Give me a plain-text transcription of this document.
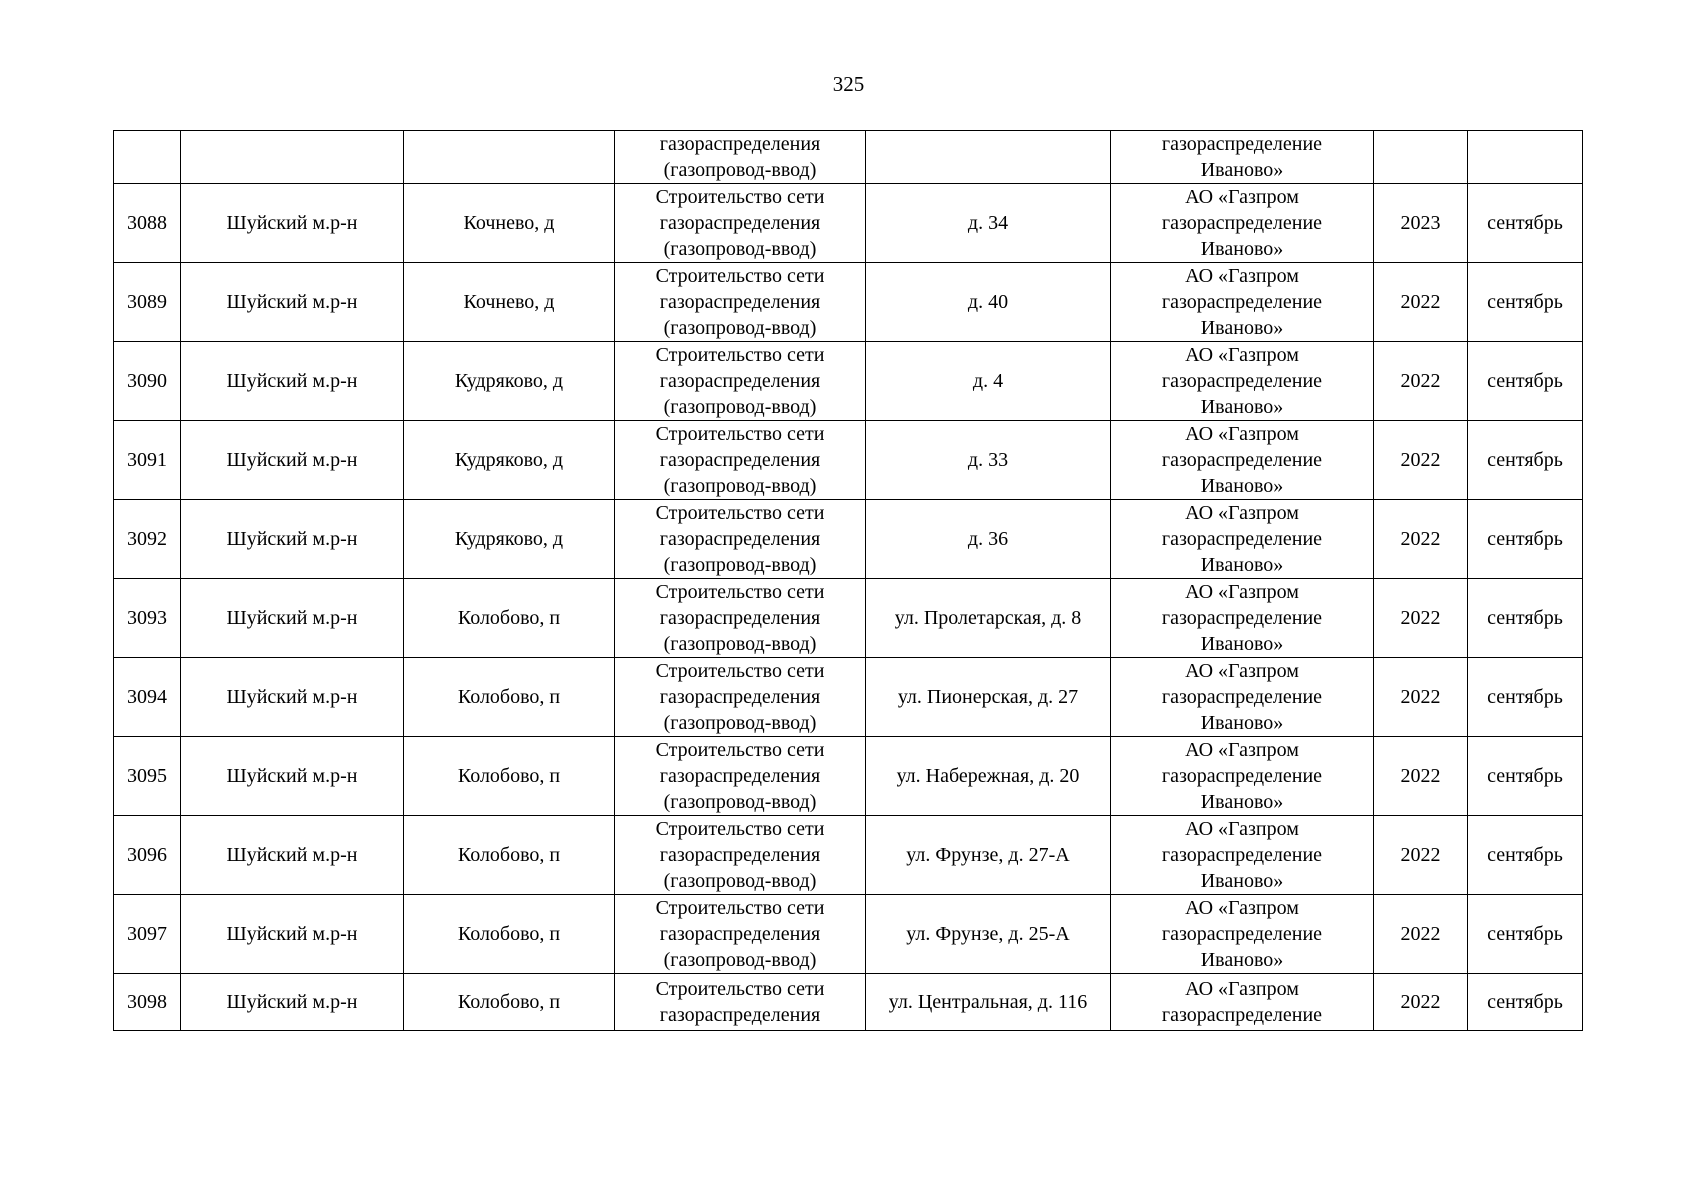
325

			газораспределения
(газопровод-ввод)		газораспределение
Иваново»		

3088	Шуйский м.р-н	Кочнево, д	Строительство сети
газораспределения
(газопровод-ввод)	д. 34	АО «Газпром
газораспределение
Иваново»	2023	сентябрь
3089	Шуйский м.р-н	Кочнево, д	Строительство сети
газораспределения
(газопровод-ввод)	д. 40	АО «Газпром
газораспределение
Иваново»	2022	сентябрь
3090	Шуйский м.р-н	Кудряково, д	Строительство сети
газораспределения
(газопровод-ввод)	д. 4	АО «Газпром
газораспределение
Иваново»	2022	сентябрь
3091	Шуйский м.р-н	Кудряково, д	Строительство сети
газораспределения
(газопровод-ввод)	д. 33	АО «Газпром
газораспределение
Иваново»	2022	сентябрь
3092	Шуйский м.р-н	Кудряково, д	Строительство сети
газораспределения
(газопровод-ввод)	д. 36	АО «Газпром
газораспределение
Иваново»	2022	сентябрь
3093	Шуйский м.р-н	Колобово, п	Строительство сети
газораспределения
(газопровод-ввод)	ул. Пролетарская, д. 8	АО «Газпром
газораспределение
Иваново»	2022	сентябрь
3094	Шуйский м.р-н	Колобово, п	Строительство сети
газораспределения
(газопровод-ввод)	ул. Пионерская, д. 27	АО «Газпром
газораспределение
Иваново»	2022	сентябрь
3095	Шуйский м.р-н	Колобово, п	Строительство сети
газораспределения
(газопровод-ввод)	ул. Набережная, д. 20	АО «Газпром
газораспределение
Иваново»	2022	сентябрь
3096	Шуйский м.р-н	Колобово, п	Строительство сети
газораспределения
(газопровод-ввод)	ул. Фрунзе, д. 27-А	АО «Газпром
газораспределение
Иваново»	2022	сентябрь
3097	Шуйский м.р-н	Колобово, п	Строительство сети
газораспределения
(газопровод-ввод)	ул. Фрунзе, д. 25-А	АО «Газпром
газораспределение
Иваново»	2022	сентябрь
3098	Шуйский м.р-н	Колобово, п	Строительство сети
газораспределения	ул. Центральная, д. 116	АО «Газпром
газораспределение	2022	сентябрь
